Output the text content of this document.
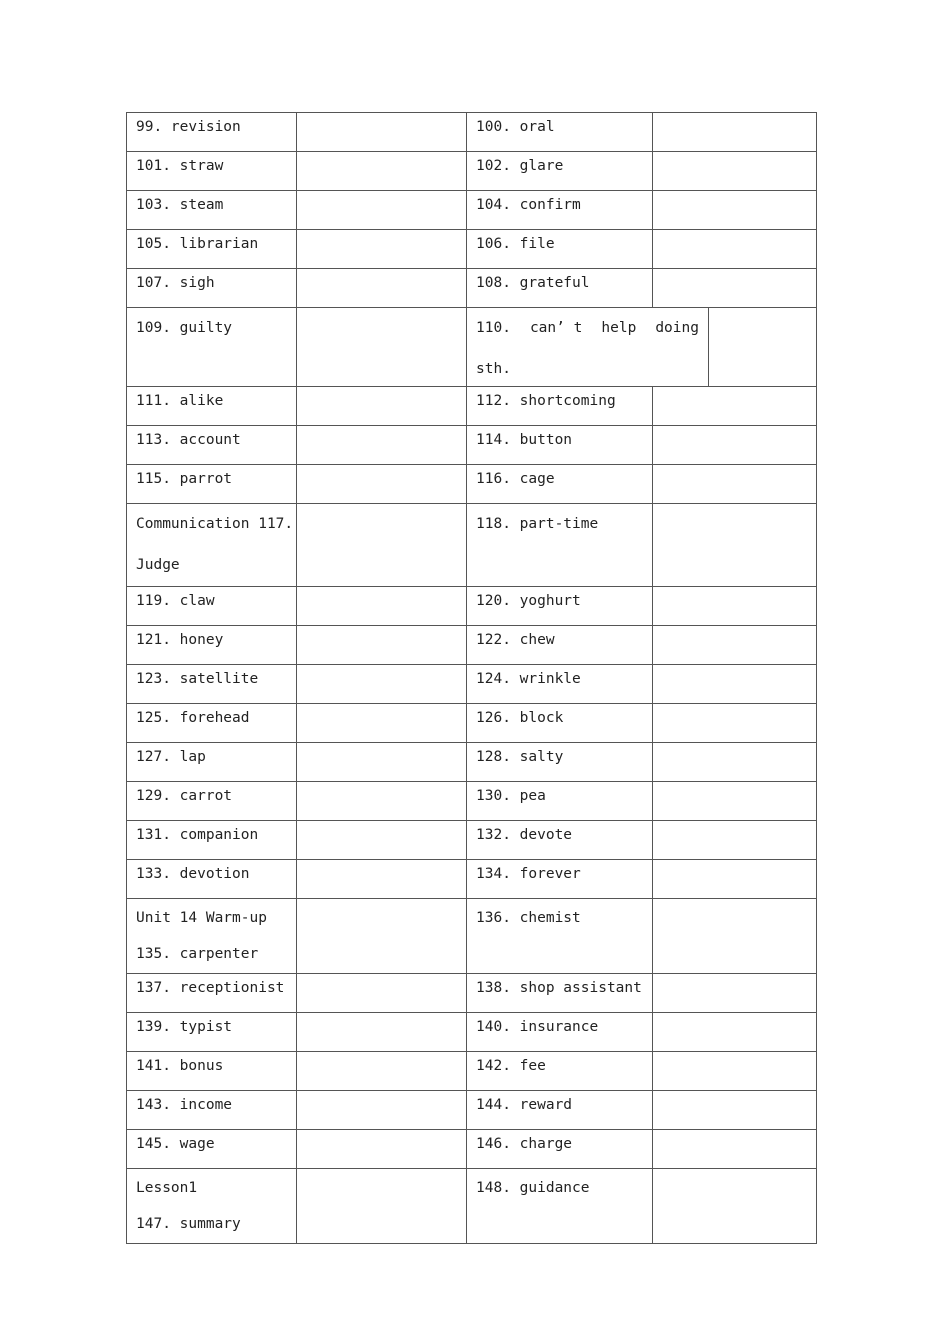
99. revision		100. oral	
101. straw		102. glare	
103. steam		104. confirm	
105. librarian		106. file	
107. sigh		108. grateful	
109. guilty		110. can’ t help doing
sth.	

111. alike		112. shortcoming	
113. account		114. button	
115. parrot		116. cage	

Communication 117.
Judge		118. part-time	
119. claw		120. yoghurt	
121. honey		122. chew	
123. satellite		124. wrinkle	
125. forehead		126. block	
127. lap		128. salty	
129. carrot		130. pea	
131. companion		132. devote	
133. devotion		134. forever	

Unit 14 Warm-up
135. carpenter		136. chemist	
137. receptionist		138. shop assistant	
139. typist		140. insurance	
141. bonus		142. fee	
143. income		144. reward	
145. wage		146. charge	

Lesson1
147. summary		148. guidance	
